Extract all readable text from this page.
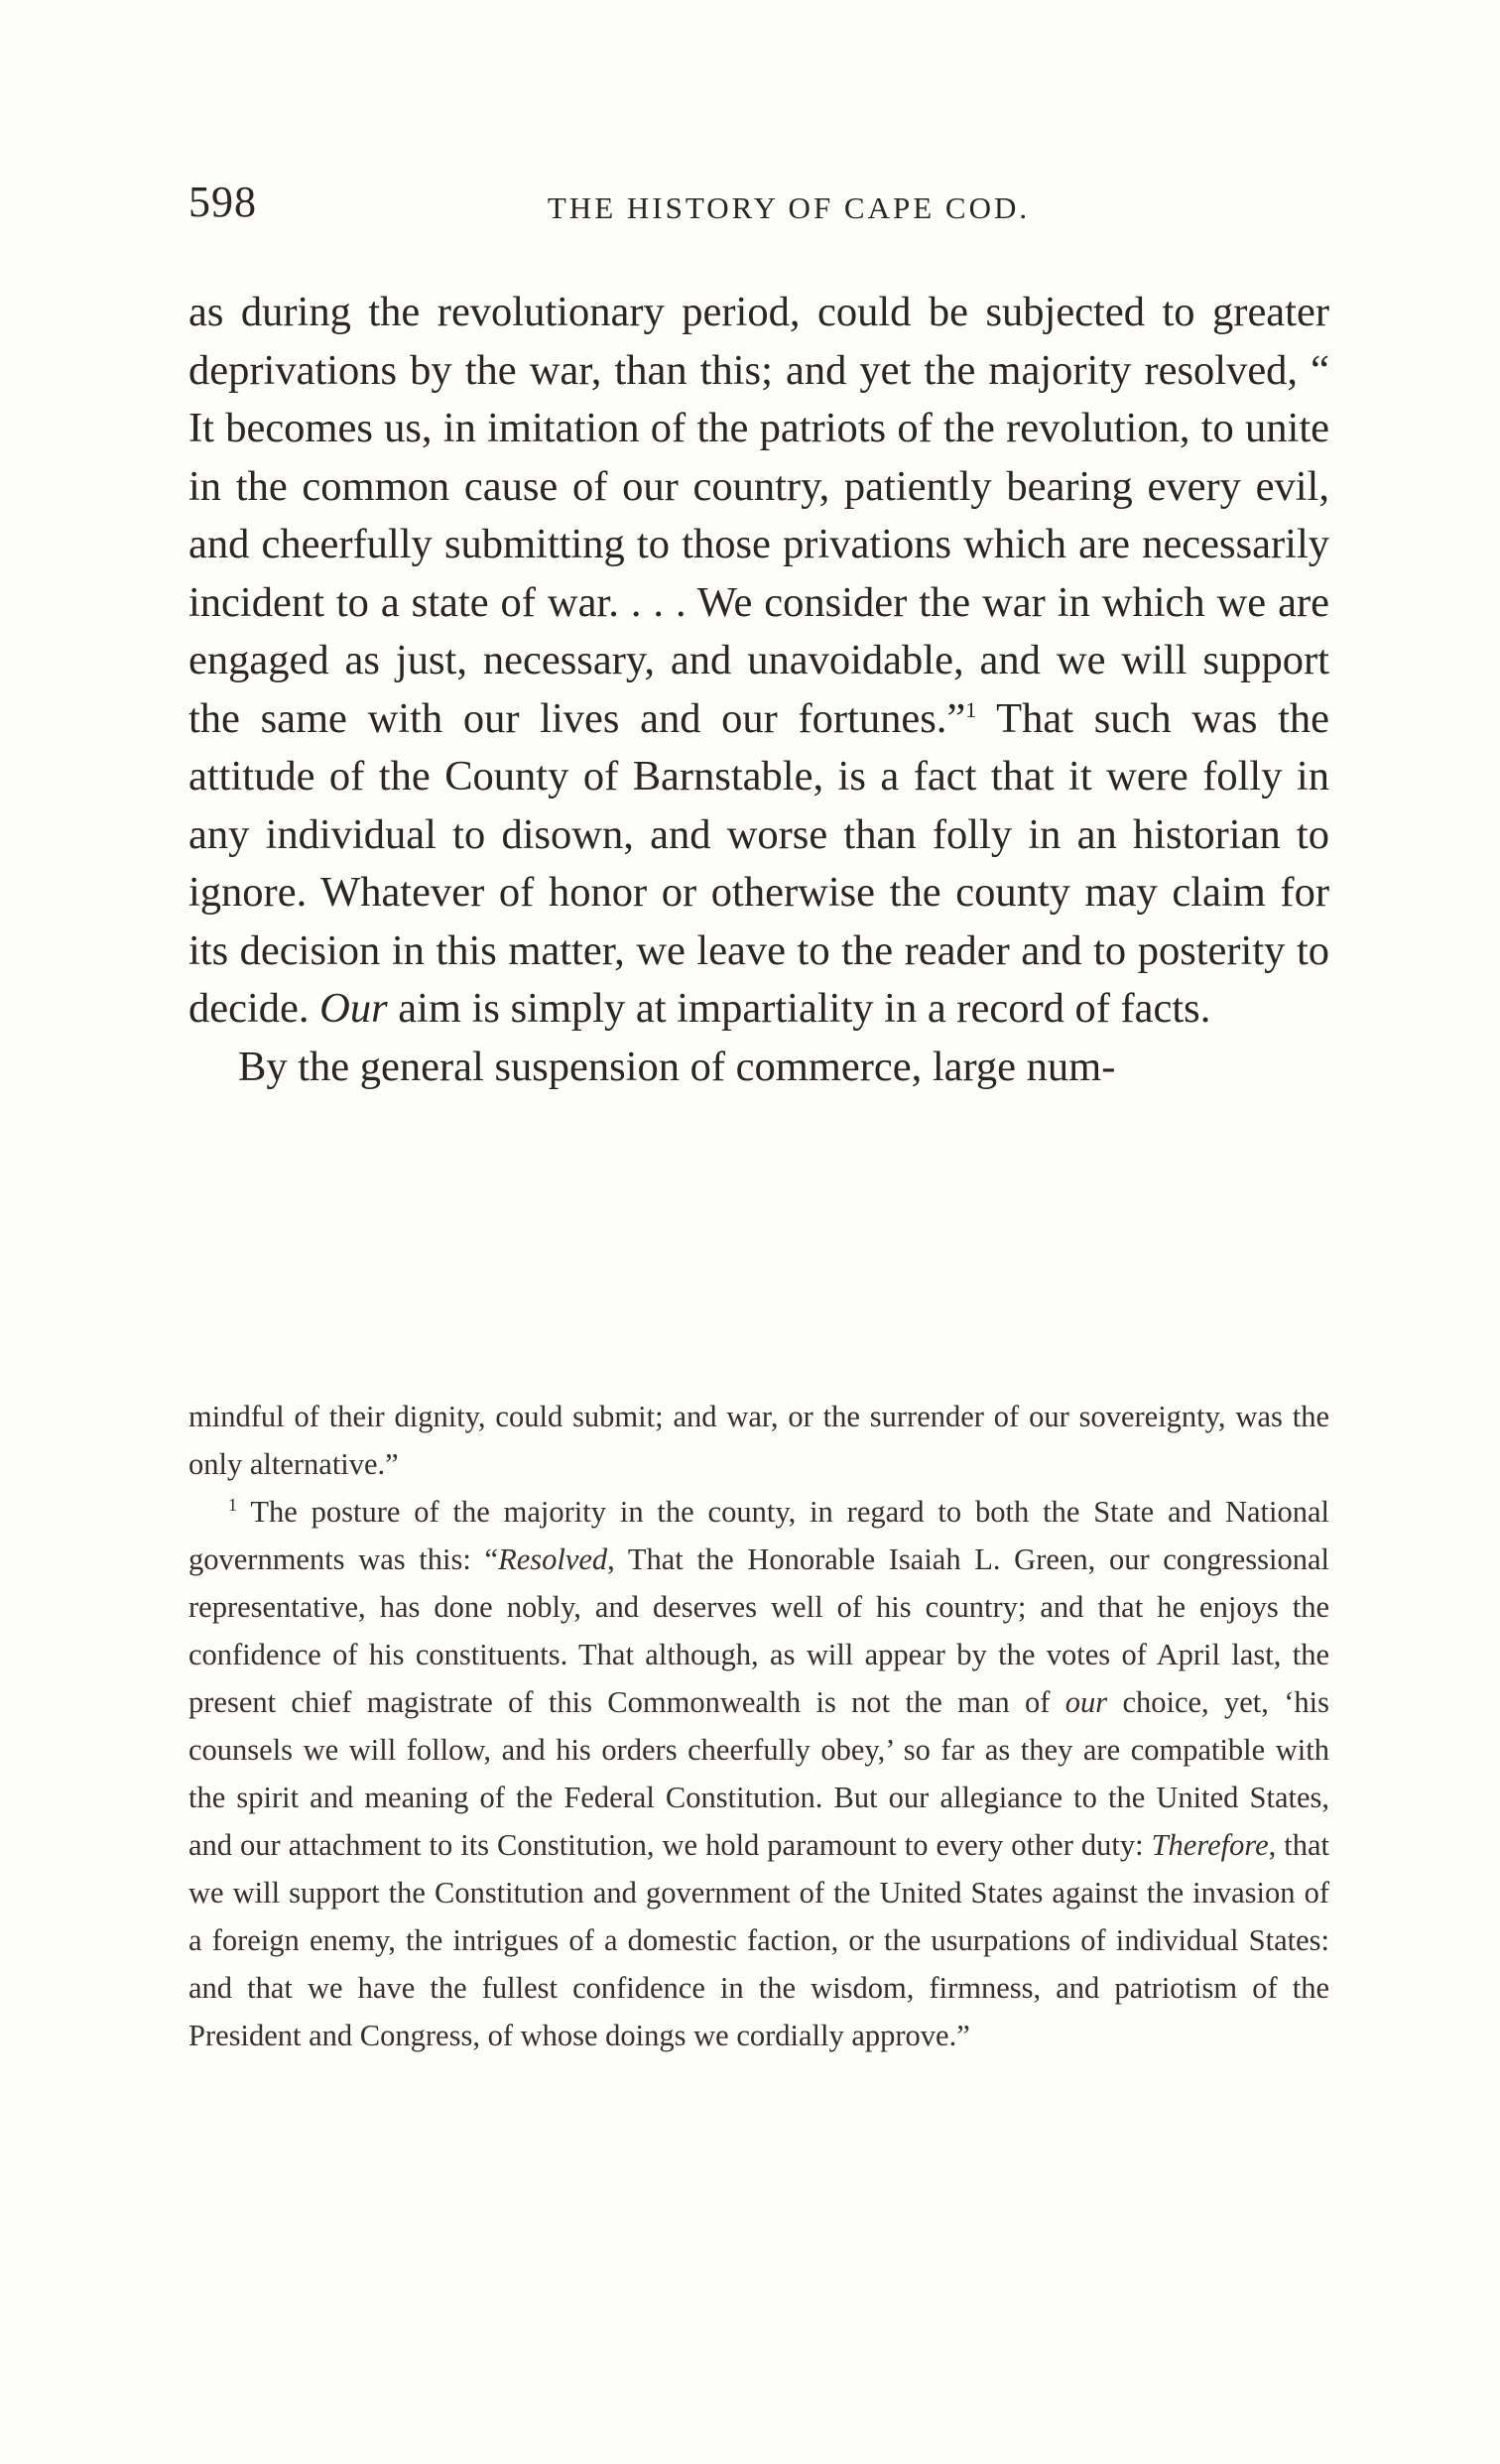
598	THE HISTORY OF CAPE COD.

as during the revolutionary period, could be subjected to greater deprivations by the war, than this; and yet the majority resolved, “ It becomes us, in imitation of the patriots of the revolution, to unite in the common cause of our country, patiently bearing every evil, and cheerfully submitting to those privations which are necessarily incident to a state of war. . . . We consider the war in which we are engaged as just, necessary, and unavoidable, and we will support the same with our lives and our fortunes.”$^1$ That such was the attitude of the County of Barnstable, is a fact that it were folly in any individual to disown, and worse than folly in an historian to ignore. Whatever of honor or otherwise the county may claim for its decision in this matter, we leave to the reader and to posterity to decide. Our aim is simply at impartiality in a record of facts.

By the general suspension of commerce, large num-

mindful of their dignity, could submit; and war, or the surrender of our sovereignty, was the only alternative.”

$^1$ The posture of the majority in the county, in regard to both the State and National governments was this: “Resolved, That the Honorable Isaiah L. Green, our congressional representative, has done nobly, and deserves well of his country; and that he enjoys the confidence of his constituents. That although, as will appear by the votes of April last, the present chief magistrate of this Commonwealth is not the man of our choice, yet, ‘his counsels we will follow, and his orders cheerfully obey,’ so far as they are compatible with the spirit and meaning of the Federal Constitution. But our allegiance to the United States, and our attachment to its Constitution, we hold paramount to every other duty: Therefore, that we will support the Constitution and government of the United States against the invasion of a foreign enemy, the intrigues of a domestic faction, or the usurpations of individual States: and that we have the fullest confidence in the wisdom, firmness, and patriotism of the President and Congress, of whose doings we cordially approve.”
